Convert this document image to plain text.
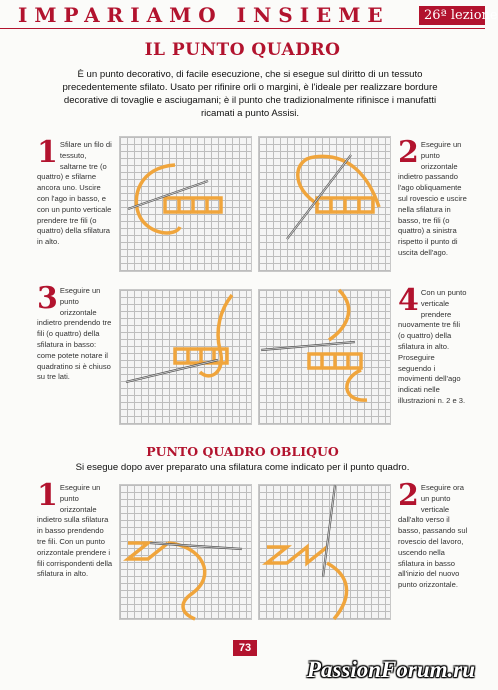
IMPARIAMO INSIEME	26ª lezione
IL PUNTO QUADRO
È un punto decorativo, di facile esecuzione, che si esegue sul diritto di un tessuto precedentemente sfilato. Usato per rifinire orli o margini, è l'ideale per realizzare bordure decorative di tovaglie e asciugamani; è il punto che tradizionalmente rifinisce i manufatti ricamati a punto Assisi.
1 Sfilare un filo di tessuto, saltarne tre (o quattro) e sfilarne ancora uno. Uscire con l'ago in basso, e con un punto verticale prendere tre fili (o quattro) della sfilatura in alto.
2 Eseguire un punto orizzontale indietro passando l'ago obliquamente sul rovescio e uscire nella sfilatura in basso, tre fili (o quattro) a sinistra rispetto il punto di uscita dell'ago.
3 Eseguire un punto orizzontale indietro prendendo tre fili (o quattro) della sfilatura in basso: come potete notare il quadratino si è chiuso su tre lati.
4 Con un punto verticale prendere nuovamente tre fili (o quattro) della sfilatura in alto. Proseguire seguendo i movimenti dell'ago indicati nelle illustrazioni n. 2 e 3.
PUNTO QUADRO OBLIQUO
Si esegue dopo aver preparato una sfilatura come indicato per il punto quadro.
1 Eseguire un punto orizzontale indietro sulla sfilatura in basso prendendo tre fili. Con un punto orizzontale prendere i fili corrispondenti della sfilatura in alto.
2 Eseguire ora un punto verticale dall'alto verso il basso, passando sul rovescio del lavoro, uscendo nella sfilatura in basso all'inizio del nuovo punto orizzontale.
73
PassionForum.ru
